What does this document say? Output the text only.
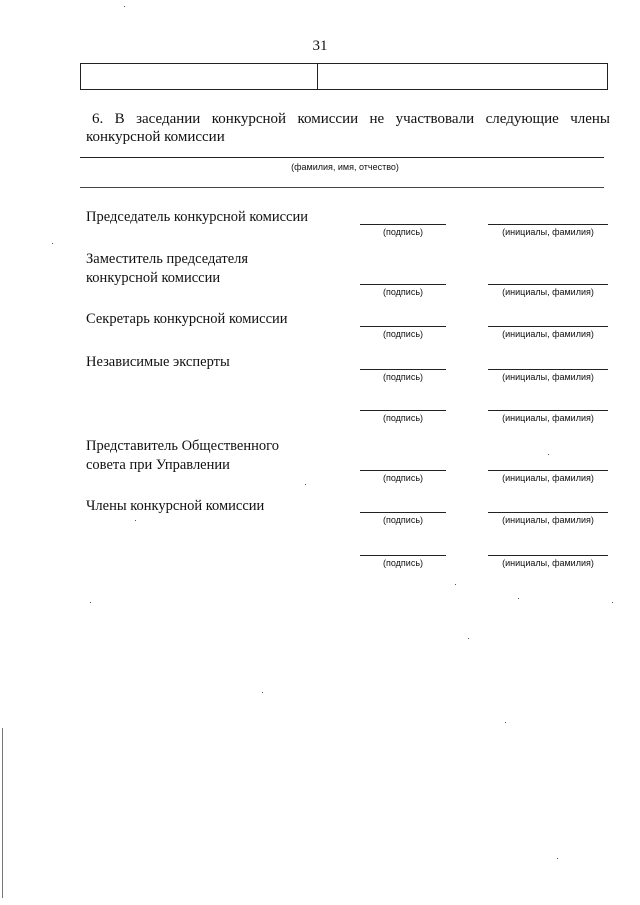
31
6. В заседании конкурсной комиссии не участвовали следующие члены
конкурсной комиссии
(фамилия, имя, отчество)
Председатель конкурсной комиссии
(подпись)	(инициалы, фамилия)
Заместитель председателя
конкурсной комиссии
(подпись)	(инициалы, фамилия)
Секретарь конкурсной комиссии
(подпись)	(инициалы, фамилия)
Независимые эксперты
(подпись)	(инициалы, фамилия)
(подпись)	(инициалы, фамилия)
Представитель Общественного
совета при Управлении
(подпись)	(инициалы, фамилия)
Члены конкурсной комиссии
(подпись)	(инициалы, фамилия)
(подпись)	(инициалы, фамилия)
